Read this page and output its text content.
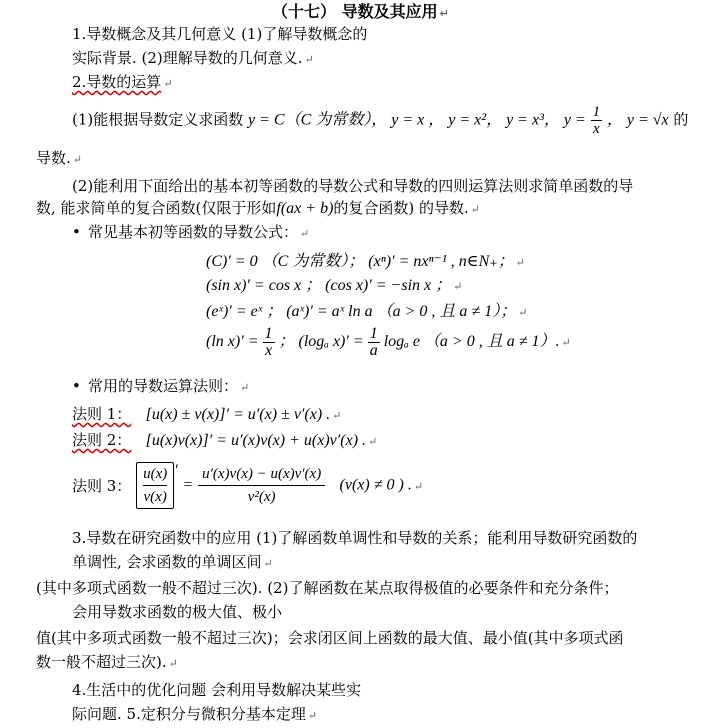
（十七） 导数及其应用 ↵
1.导数概念及其几何意义 (1)了解导数概念的
实际背景. (2)理解导数的几何意义. ↵
2.导数的运算 ↵
(1)能根据导数定义求函数 y = C（C 为常数）， y = x ， y = x²， y = x³， $y = \frac{1}{x}$ ， y = √x 的
导数. ↵
(2)能利用下面给出的基本初等函数的导数公式和导数的四则运算法则求简单函数的导
数, 能求简单的复合函数(仅限于形如f(ax + b)的复合函数) 的导数. ↵
• 常见基本初等函数的导数公式： ↵
(C)′ = 0 （C 为常数）； (xⁿ)′ = nxⁿ⁻¹ , n∈N₊； ↵
(sin x)′ = cos x ； (cos x)′ = −sin x ； ↵
(eˣ)′ = eˣ ； (aˣ)′ = aˣ ln a （a > 0 , 且 a ≠ 1）； ↵
(ln $x)' = \frac{1}{x}$ ； (logₐ $x)' = \frac{1}{a}$ logₐ e （a > 0 , 且 a ≠ 1）. ↵
• 常用的导数运算法则： ↵
法则 1： [u(x) ± v(x)]′ = u′(x) ± v′(x) . ↵
法则 2： [u(x)v(x)]′ = u′(x)v(x) + u(x)v′(x) . ↵
法则 3： $\frac{u(x)}{v(x)}$ ′ = $\frac{u'(x)v(x) - u(x)v'(x)}{\text{v²(x)}} (v(x) \ne 0$ ) . ↵
3.导数在研究函数中的应用 (1)了解函数单调性和导数的关系；能利用导数研究函数的
单调性, 会求函数的单调区间 ↵
(其中多项式函数一般不超过三次). (2)了解函数在某点取得极值的必要条件和充分条件；
会用导数求函数的极大值、极小
值(其中多项式函数一般不超过三次)；会求闭区间上函数的最大值、最小值(其中多项式函
数一般不超过三次). ↵
4.生活中的优化问题 会利用导数解决某些实
际问题. 5.定积分与微积分基本定理 ↵
